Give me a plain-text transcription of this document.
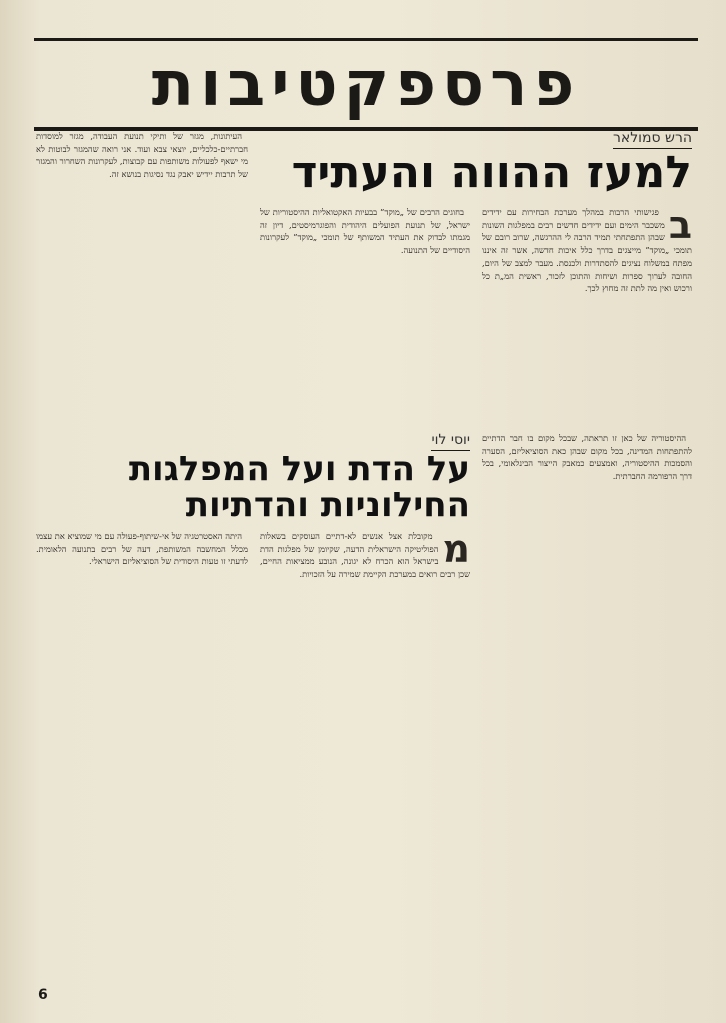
פרספקטיבות
הרש סמולאר
למעז ההווה והעתיד
ב

פגישותי הרבות במהלך מערכת הבחירות עם ידידים משכבר הימים ועם ידידים חדשים רבים במפלגות השונות שבהן התפתחתי תמיד הרבה לי ההרגשה, שרוב רובם של תומכי „מוקד” מייצגים בדרך כלל איכות חדשה, אשר זה איננו מפתח במשלוח נציגים להסתדרות ולכנסת. מעבר למצב של היום, החובה לערוך ספרות ושיחות והתוכן לזכור, ראשית המ„ת כל ורכוש ואין מה לתת זה מחוץ לכך.

בחוגים הרבים של „מוקד” בבעיות האקטואליות ההיסטוריות של ישראל, של תנועת הפועלים היהודית והפוגרמיסטים, דיון זה מגמתו לבדוק את העתיד המשותף של תומכי „מוקד” לעקרונות היסודיים של התנועה.

העיתונות, מגזר של ותיקי תנועת העבודה, מגזר למוסדות חברתיים-כלכליים, יוצאי צבא ועוד. אני רואה שהמגזר לבוטות לא מי ישאף לפעולות משותפות עם קבוצות, לעקרונות השחרור והמגזר של תרבות יידיש יאבק נגד נסיגות בנושא זה.

יוסי לוי
על הדת ועל המפלגות החילוניות והדתיות

ההיסטוריה של כאן זו תראתה, שבכל מקום בו חבר הדתיים להתפתחות המדינה, בכל מקום שבהן כאת הסוציאליזם, הסערה והסמכות ההיסטוריה, ואמצעים כמאבק הייצור הבינלאומי, בכל דרך הרפורמה החברתית.

מ

מקובלת אצל אנשים לא-דתיים העוסקים בשאלות הפוליטיקה הישראלית הדעה, שקיומן של מפלגות הדת בישראל הוא הכרח לא יגונה, הנובע ממציאות החיים, שכן רבים רואים במערכת הקיימת שמירה על הזכויות.

היתה האסטרטגיה של אי-שיתוף-פעולה עם מי שמוציא את עצמו מכלל המחשבה המשותפת, דעה של רבים בתנועה הלאומית. לדעתי זו טעות היסודית של הסוציאליזם הישראלי.

6
